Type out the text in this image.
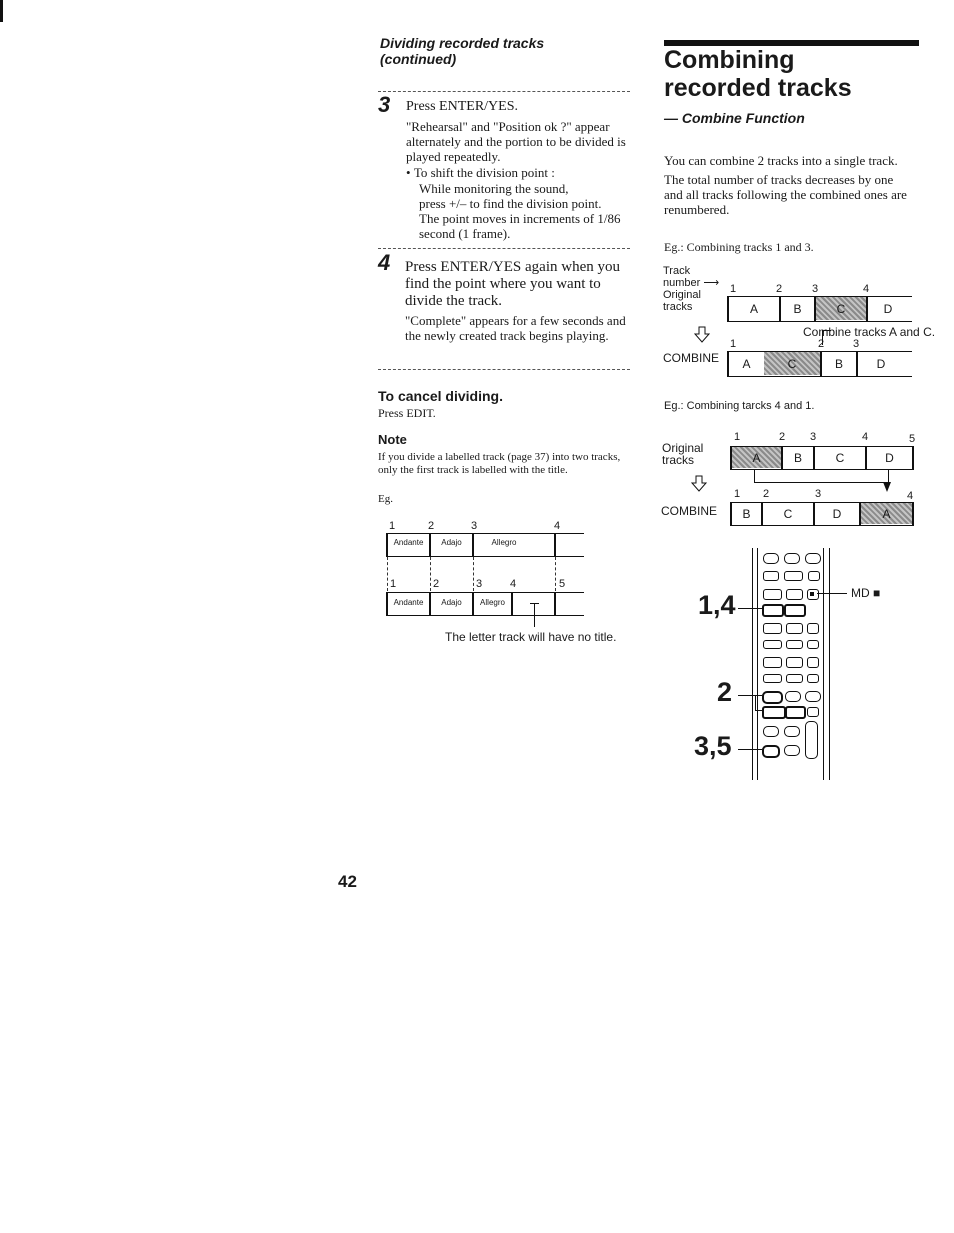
Dividing recorded tracks
(continued)
3 Press ENTER/YES.
"Rehearsal" and "Position ok ?" appear alternately and the portion to be divided is played repeatedly.
• To shift the division point :
While monitoring the sound,
press +/– to find the division point.
The point moves in increments of 1/86
second (1 frame).
4 Press ENTER/YES again when you find the point where you want to divide the track.
"Complete" appears for a few seconds and the newly created track begins playing.
To cancel dividing.
Press EDIT.
Note
If you divide a labelled track (page 37) into two tracks, only the first track is labelled with the title.
Eg.
1	2	3	4
Andante	Adajo	Allegro
1	2	3	4	5
Andante	Adajo	Allegro
The letter track will have no title.
42
Combining
recorded tracks
— Combine Function
You can combine 2 tracks into a single track.
The total number of tracks decreases by one and all tracks following the combined ones are renumbered.
Eg.: Combining tracks 1 and 3.
Track
number ⟶
Original
tracks
1	2	3	4
A	B	C	D
Combine tracks A and C.
1	2	3
COMBINE	A	C	B	D
Eg.: Combining tarcks 4 and 1.
Original
tracks
1	2 3	4	5
A	B	C	D
1 2	3	4
COMBINE	B	C	D	A
1,4
2
3,5
MD ■
